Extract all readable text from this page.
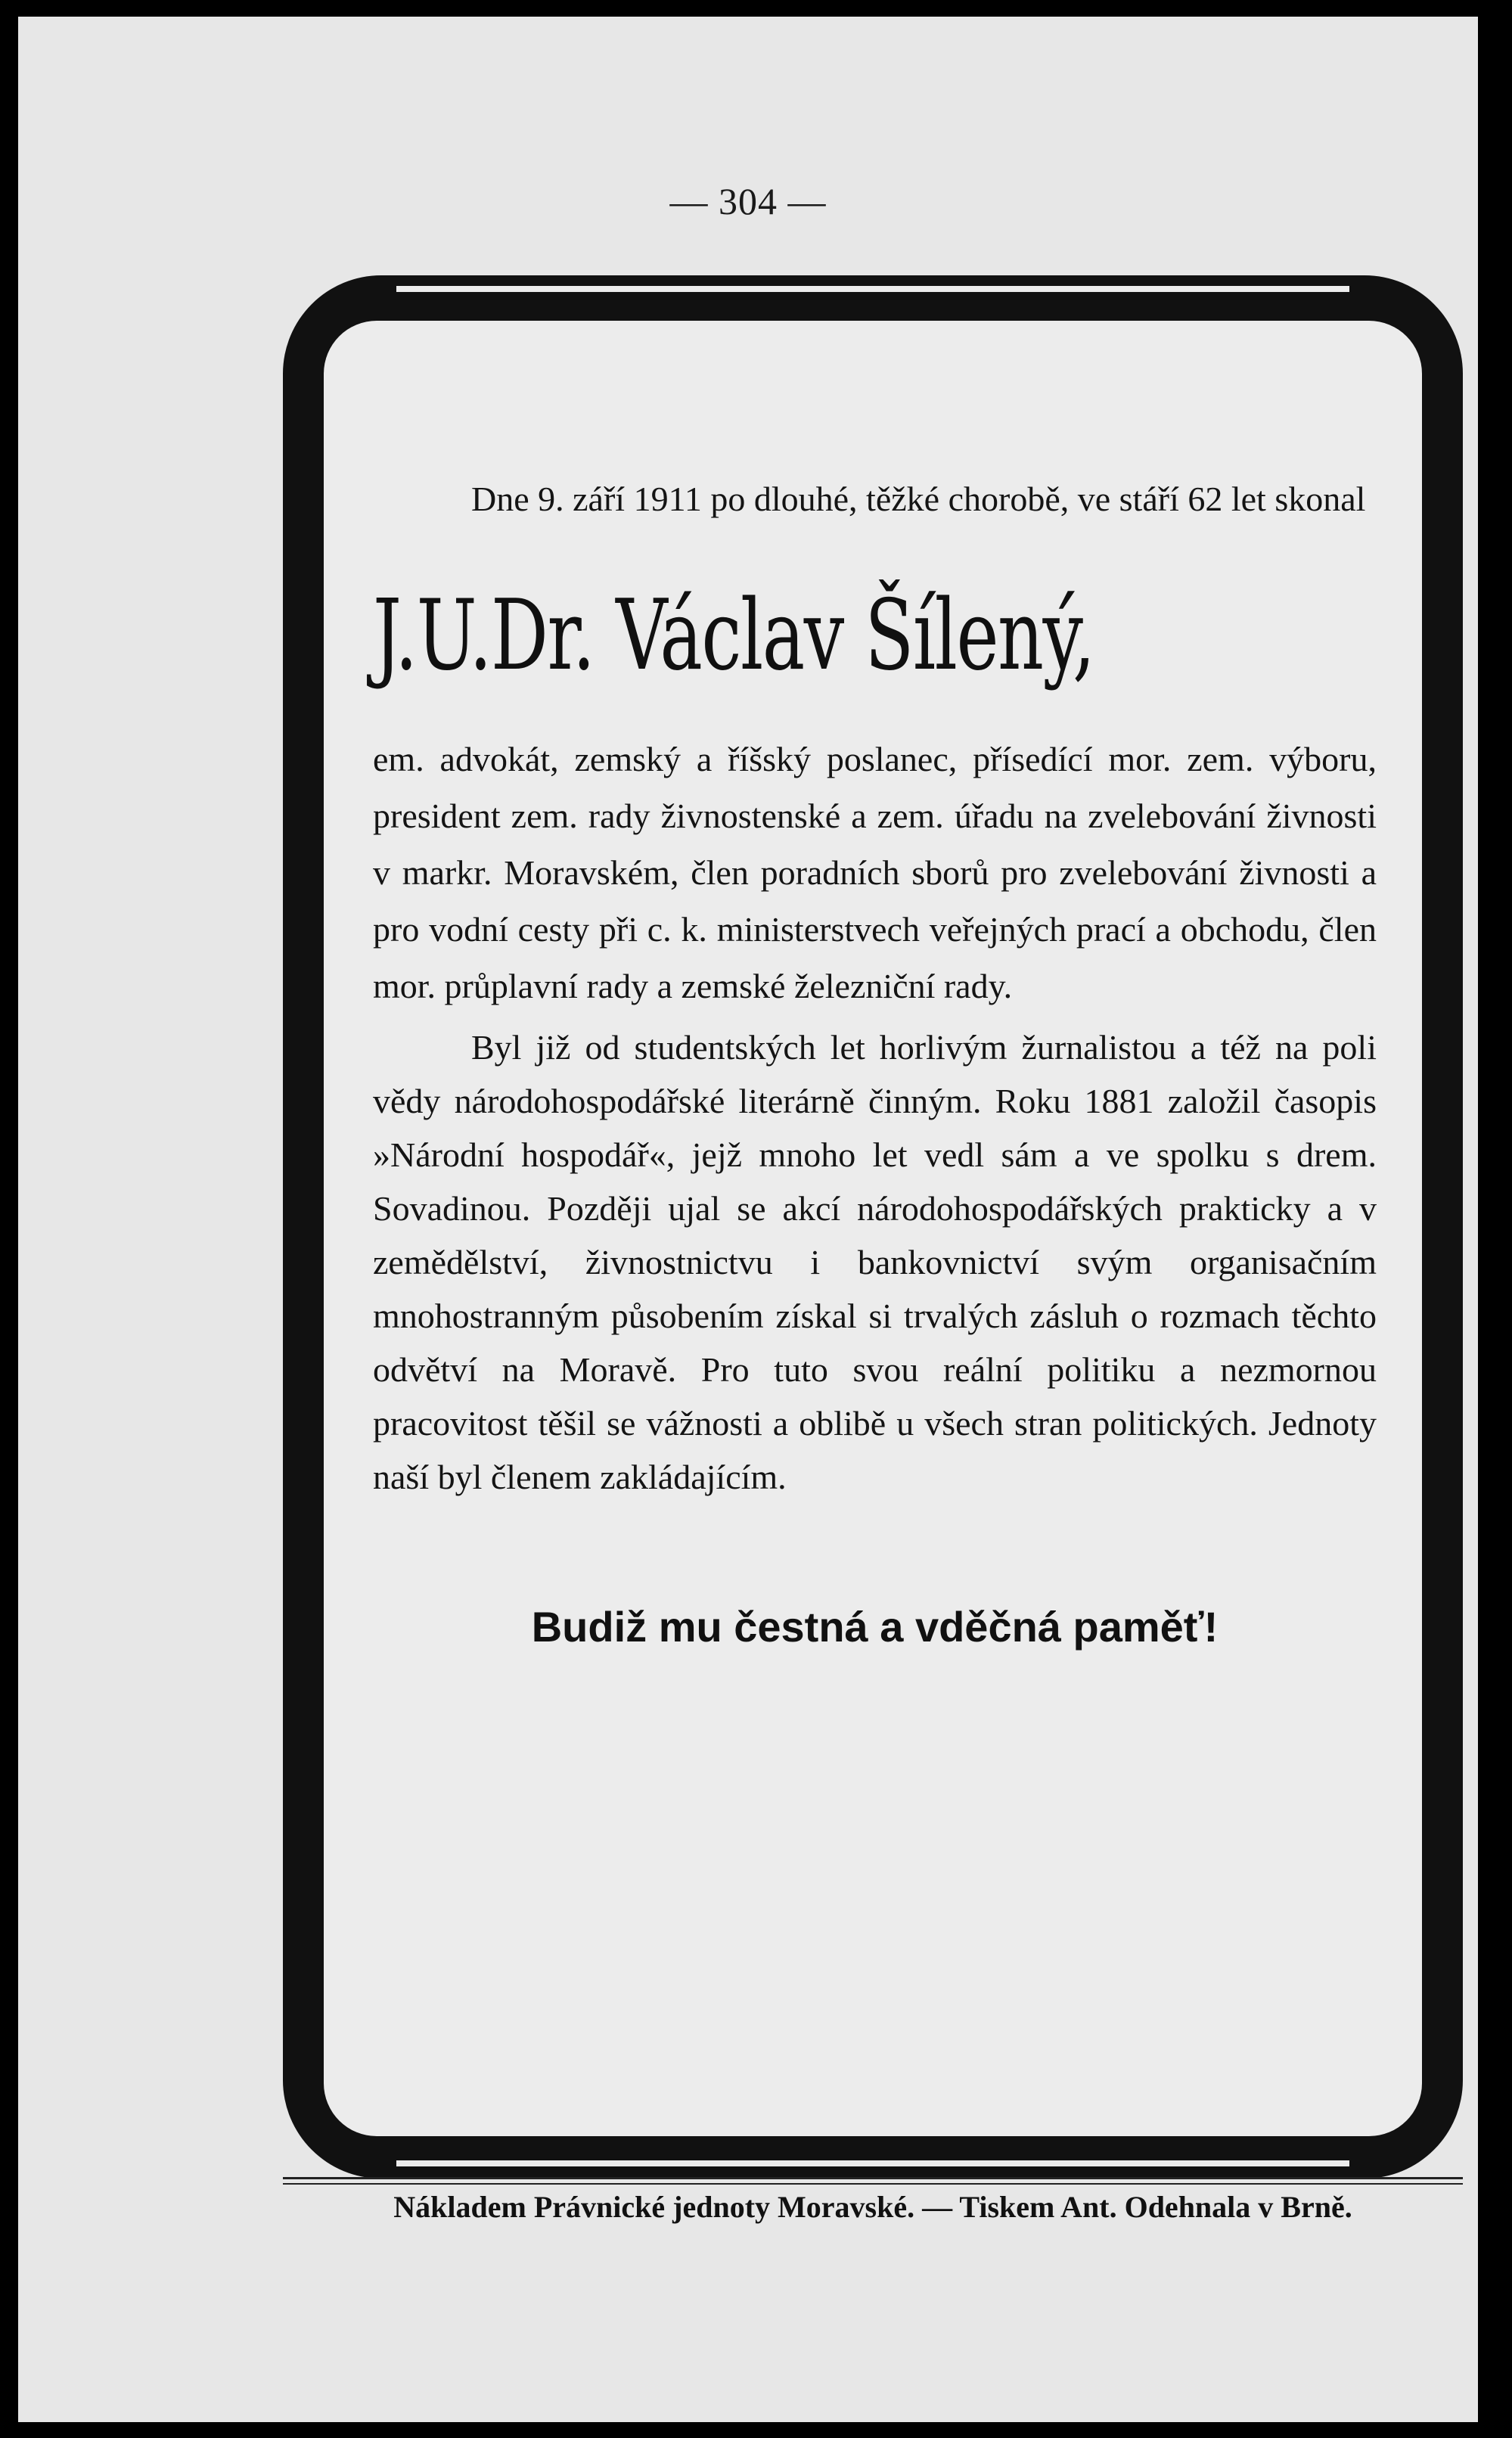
— 304 —

Dne 9. září 1911 po dlouhé, těžké chorobě, ve stáří 62 let skonal

J.U.Dr. Václav Šílený,

em. advokát, zemský a říšský poslanec, přísedící mor. zem. výboru, president zem. rady živnostenské a zem. úřadu na zvelebování živnosti v markr. Moravském, člen poradních sborů pro zvelebování živnosti a pro vodní cesty při c. k. ministerstvech veřejných prací a obchodu, člen mor. průplavní rady a zemské železniční rady.

Byl již od studentských let horlivým žurnalistou a též na poli vědy národohospodářské literárně činným. Roku 1881 založil časopis »Národní hospodář«, jejž mnoho let vedl sám a ve spolku s drem. Sovadinou. Později ujal se akcí národohospodářských prakticky a v zemědělství, živnostnictvu i bankovnictví svým organisačním mnohostranným působením získal si trvalých zásluh o rozmach těchto odvětví na Moravě. Pro tuto svou reální politiku a nezmornou pracovitost těšil se vážnosti a oblibě u všech stran politických. Jednoty naší byl členem zakládajícím.

Budiž mu čestná a vděčná paměť!
Nákladem Právnické jednoty Moravské. — Tiskem Ant. Odehnala v Brně.
